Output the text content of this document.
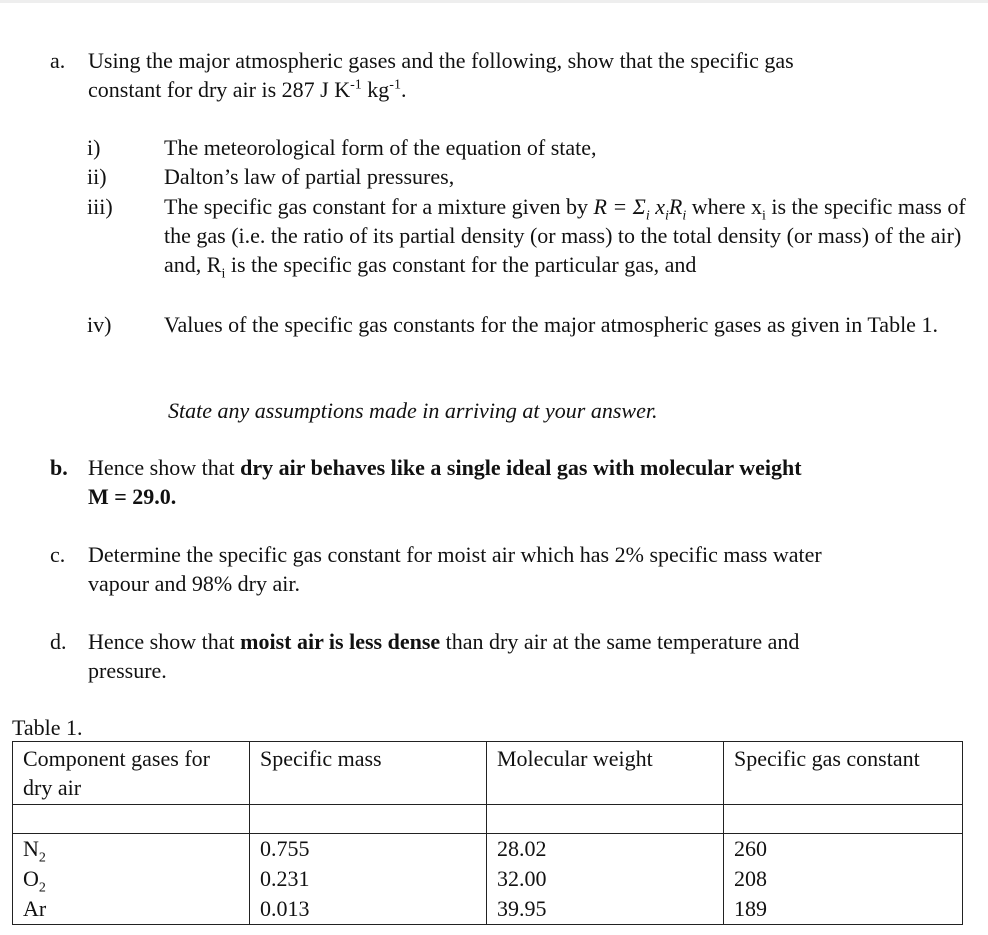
a.	Using the major atmospheric gases and the following, show that the specific gas
constant for dry air is 287 J $K^{-1}$ $kg^{-1}$.
i)	The meteorological form of the equation of state,
ii)	Dalton’s law of partial pressures,
iii)	The specific gas constant for a mixture given by $R = \Sigma_i$ $x_iR_i$ where $x_i$ is the specific mass of the gas (i.e. the ratio of its partial density (or mass) to the total density (or mass) of the air) and, $R_i$ is the specific gas constant for the particular gas, and
iv)	Values of the specific gas constants for the major atmospheric gases as given in Table 1.
State any assumptions made in arriving at your answer.
b. Hence show that dry air behaves like a single ideal gas with molecular weight
M = 29.0.
c.	Determine the specific gas constant for moist air which has 2% specific mass water
vapour and 98% dry air.
d. Hence show that moist air is less dense than dry air at the same temperature and
pressure.
Table 1.
Component gases for dry air	Specific mass	Molecular weight	Specific gas constant

$N_2$	0.755	28.02	260
$O_2$	0.231	32.00	208
Ar	0.013	39.95	189
